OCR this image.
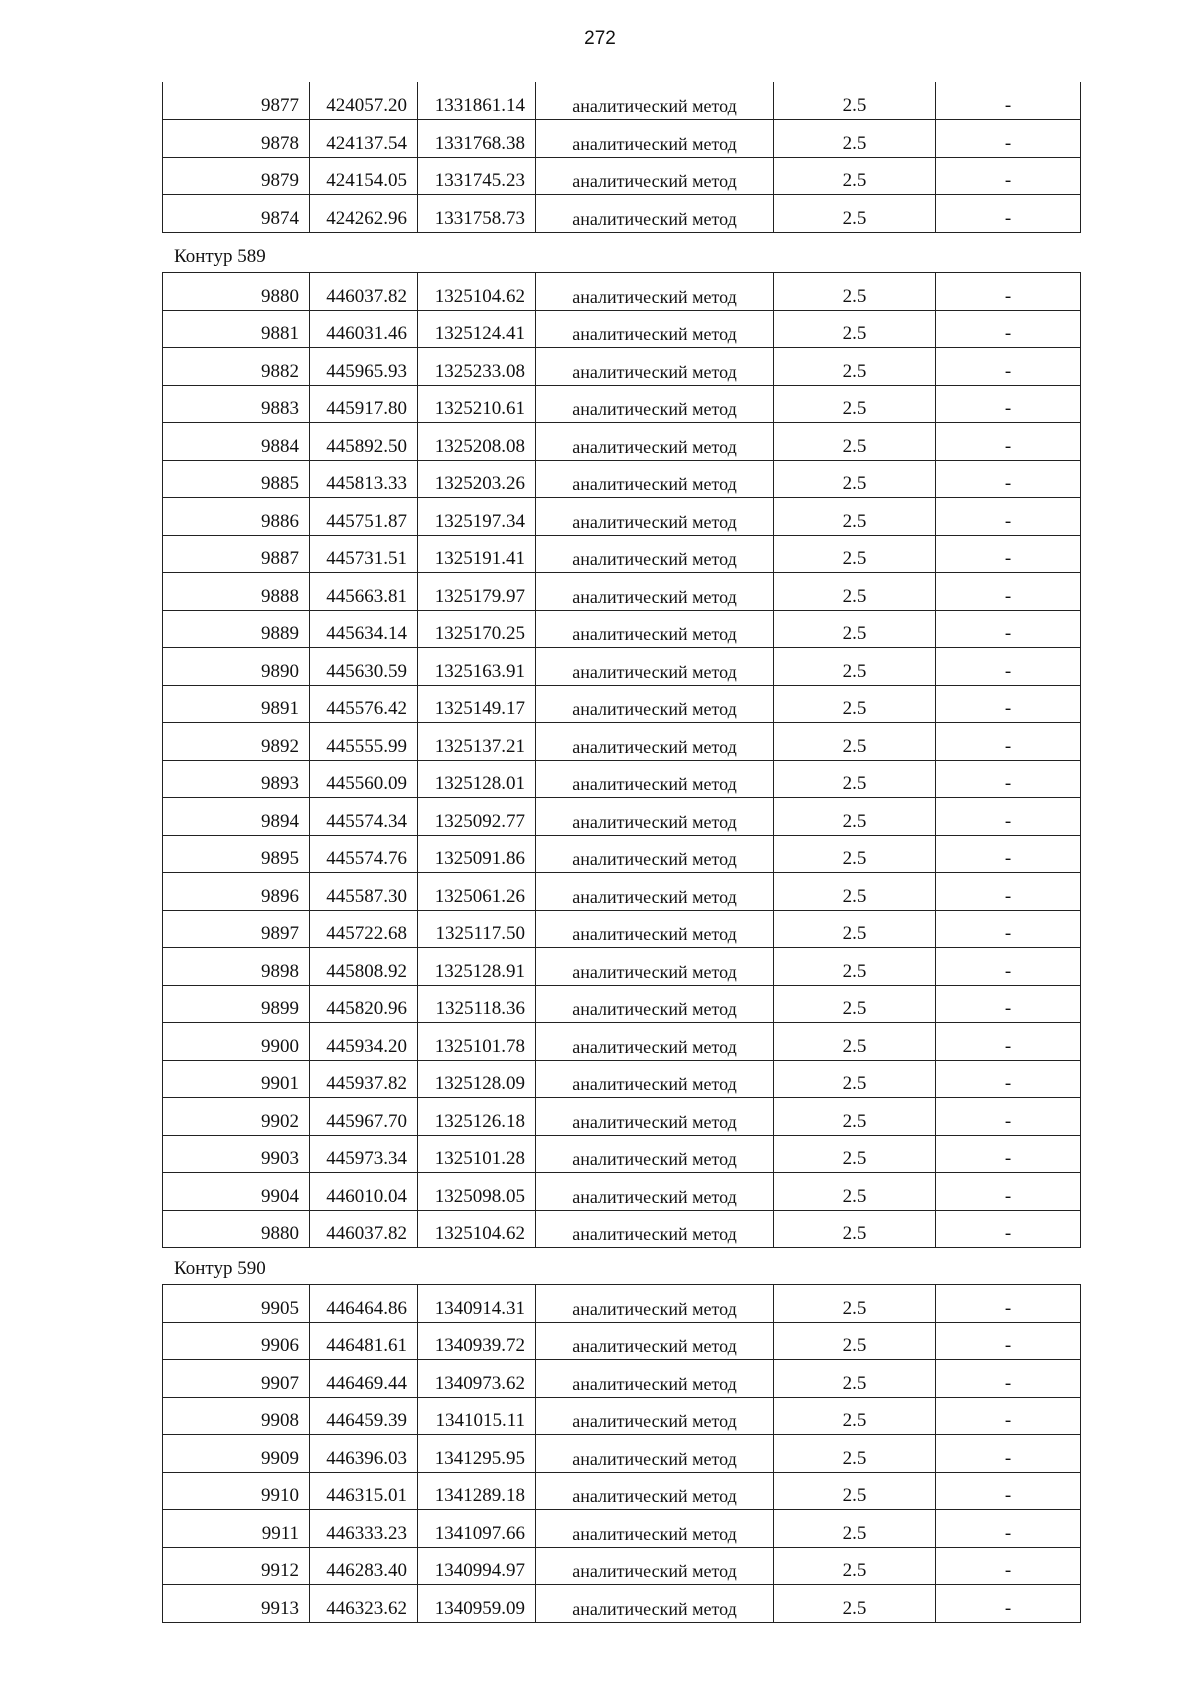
272
9877	424057.20	1331861.14	аналитический метод	2.5	-
9878	424137.54	1331768.38	аналитический метод	2.5	-
9879	424154.05	1331745.23	аналитический метод	2.5	-
9874	424262.96	1331758.73	аналитический метод	2.5	-
Контур 589
9880	446037.82	1325104.62	аналитический метод	2.5	-
9881	446031.46	1325124.41	аналитический метод	2.5	-
9882	445965.93	1325233.08	аналитический метод	2.5	-
9883	445917.80	1325210.61	аналитический метод	2.5	-
9884	445892.50	1325208.08	аналитический метод	2.5	-
9885	445813.33	1325203.26	аналитический метод	2.5	-
9886	445751.87	1325197.34	аналитический метод	2.5	-
9887	445731.51	1325191.41	аналитический метод	2.5	-
9888	445663.81	1325179.97	аналитический метод	2.5	-
9889	445634.14	1325170.25	аналитический метод	2.5	-
9890	445630.59	1325163.91	аналитический метод	2.5	-
9891	445576.42	1325149.17	аналитический метод	2.5	-
9892	445555.99	1325137.21	аналитический метод	2.5	-
9893	445560.09	1325128.01	аналитический метод	2.5	-
9894	445574.34	1325092.77	аналитический метод	2.5	-
9895	445574.76	1325091.86	аналитический метод	2.5	-
9896	445587.30	1325061.26	аналитический метод	2.5	-
9897	445722.68	1325117.50	аналитический метод	2.5	-
9898	445808.92	1325128.91	аналитический метод	2.5	-
9899	445820.96	1325118.36	аналитический метод	2.5	-
9900	445934.20	1325101.78	аналитический метод	2.5	-
9901	445937.82	1325128.09	аналитический метод	2.5	-
9902	445967.70	1325126.18	аналитический метод	2.5	-
9903	445973.34	1325101.28	аналитический метод	2.5	-
9904	446010.04	1325098.05	аналитический метод	2.5	-
9880	446037.82	1325104.62	аналитический метод	2.5	-
Контур 590
9905	446464.86	1340914.31	аналитический метод	2.5	-
9906	446481.61	1340939.72	аналитический метод	2.5	-
9907	446469.44	1340973.62	аналитический метод	2.5	-
9908	446459.39	1341015.11	аналитический метод	2.5	-
9909	446396.03	1341295.95	аналитический метод	2.5	-
9910	446315.01	1341289.18	аналитический метод	2.5	-
9911	446333.23	1341097.66	аналитический метод	2.5	-
9912	446283.40	1340994.97	аналитический метод	2.5	-
9913	446323.62	1340959.09	аналитический метод	2.5	-
